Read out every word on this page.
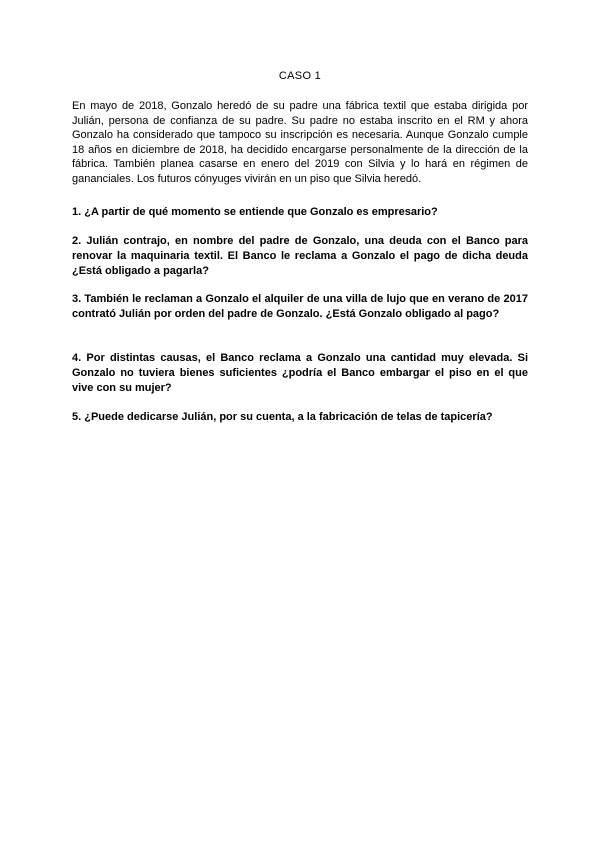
CASO 1

En mayo de 2018, Gonzalo heredó de su padre una fábrica textil que estaba dirigida por Julián, persona de confianza de su padre. Su padre no estaba inscrito en el RM y ahora Gonzalo ha considerado que tampoco su inscripción es necesaria. Aunque Gonzalo cumple 18 años en diciembre de 2018, ha decidido encargarse personalmente de la dirección de la fábrica. También planea casarse en enero del 2019 con Silvia y lo hará en régimen de gananciales. Los futuros cónyuges vivirán en un piso que Silvia heredó.

1. ¿A partir de qué momento se entiende que Gonzalo es empresario?

2. Julián contrajo, en nombre del padre de Gonzalo, una deuda con el Banco para renovar la maquinaria textil. El Banco le reclama a Gonzalo el pago de dicha deuda ¿Está obligado a pagarla?

3. También le reclaman a Gonzalo el alquiler de una villa de lujo que en verano de 2017 contrató Julián por orden del padre de Gonzalo. ¿Está Gonzalo obligado al pago?

4. Por distintas causas, el Banco reclama a Gonzalo una cantidad muy elevada. Si Gonzalo no tuviera bienes suficientes ¿podría el Banco embargar el piso en el que vive con su mujer?

5. ¿Puede dedicarse Julián, por su cuenta, a la fabricación de telas de tapicería?
